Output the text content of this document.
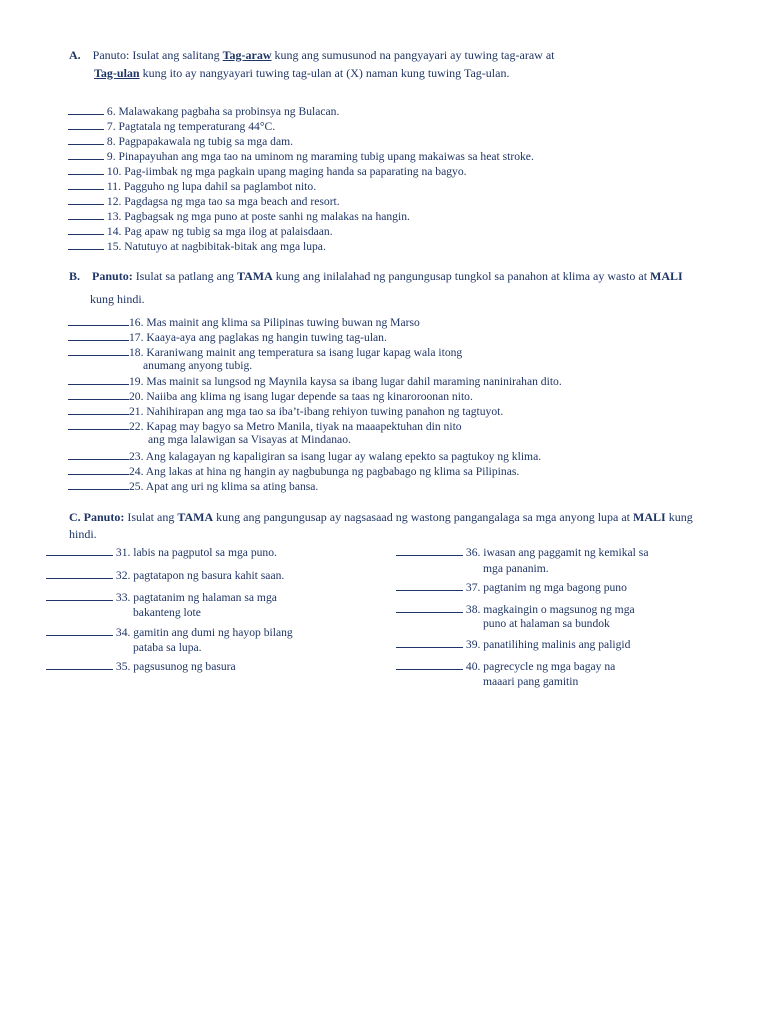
A. Panuto: Isulat ang salitang Tag-araw kung ang sumusunod na pangyayari ay tuwing tag-araw at
Tag-ulan kung ito ay nangyayari tuwing tag-ulan at (X) naman kung tuwing Tag-ulan.
6. Malawakang pagbaha sa probinsya ng Bulacan.
7. Pagtatala ng temperaturang 44°C.
8. Pagpapakawala ng tubig sa mga dam.
9. Pinapayuhan ang mga tao na uminom ng maraming tubig upang makaiwas sa heat stroke.
10. Pag-iimbak ng mga pagkain upang maging handa sa paparating na bagyo.
11. Pagguho ng lupa dahil sa paglambot nito.
12. Pagdagsa ng mga tao sa mga beach and resort.
13. Pagbagsak ng mga puno at poste sanhi ng malakas na hangin.
14. Pag apaw ng tubig sa mga ilog at palaisdaan.
15. Natutuyo at nagbibitak-bitak ang mga lupa.
B. Panuto: Isulat sa patlang ang TAMA kung ang inilalahad ng pangungusap tungkol sa panahon at klima ay wasto at MALI
kung hindi.
16. Mas mainit ang klima sa Pilipinas tuwing buwan ng Marso
17. Kaaya-aya ang paglakas ng hangin tuwing tag-ulan.
18. Karaniwang mainit ang temperatura sa isang lugar kapag wala itong
anumang anyong tubig.
19. Mas mainit sa lungsod ng Maynila kaysa sa ibang lugar dahil maraming naninirahan dito.
20. Naiiba ang klima ng isang lugar depende sa taas ng kinaroroonan nito.
21. Nahihirapan ang mga tao sa iba’t-ibang rehiyon tuwing panahon ng tagtuyot.
22. Kapag may bagyo sa Metro Manila, tiyak na maaapektuhan din nito
ang mga lalawigan sa Visayas at Mindanao.
23. Ang kalagayan ng kapaligiran sa isang lugar ay walang epekto sa pagtukoy ng klima.
24. Ang lakas at hina ng hangin ay nagbubunga ng pagbabago ng klima sa Pilipinas.
25. Apat ang uri ng klima sa ating bansa.
C. Panuto: Isulat ang TAMA kung ang pangungusap ay nagsasaad ng wastong pangangalaga sa mga anyong lupa at MALI kung
hindi.
31. labis na pagputol sa mga puno.
32. pagtatapon ng basura kahit saan.
33. pagtatanim ng halaman sa mga
bakanteng lote
34. gamitin ang dumi ng hayop bilang
pataba sa lupa.
35. pagsusunog ng basura
36. iwasan ang paggamit ng kemikal sa
mga pananim.
37. pagtanim ng mga bagong puno
38. magkaingin o magsunog ng mga
puno at halaman sa bundok
39. panatilihing malinis ang paligid
40. pagrecycle ng mga bagay na
maaari pang gamitin
